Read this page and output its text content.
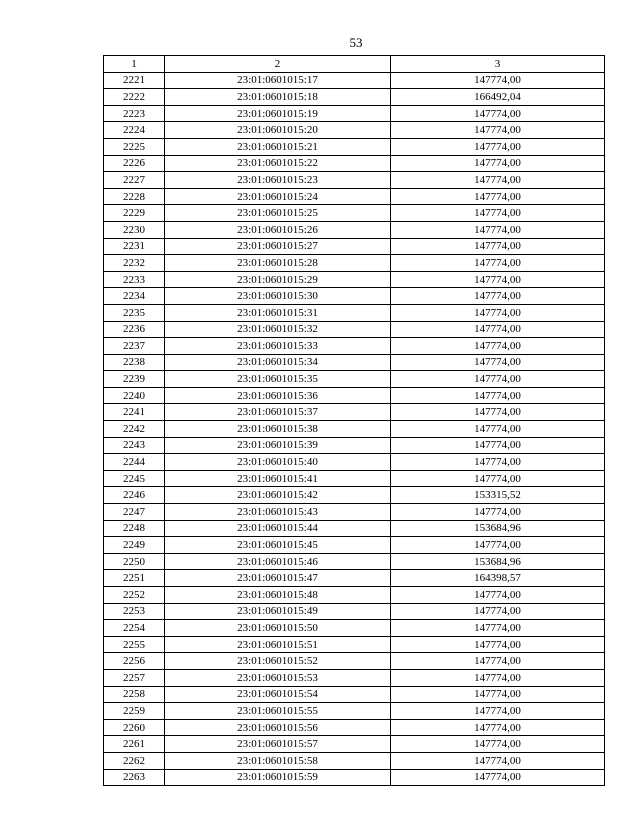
53
1	2	3
2221	23:01:0601015:17	147774,00
2222	23:01:0601015:18	166492,04
2223	23:01:0601015:19	147774,00
2224	23:01:0601015:20	147774,00
2225	23:01:0601015:21	147774,00
2226	23:01:0601015:22	147774,00
2227	23:01:0601015:23	147774,00
2228	23:01:0601015:24	147774,00
2229	23:01:0601015:25	147774,00
2230	23:01:0601015:26	147774,00
2231	23:01:0601015:27	147774,00
2232	23:01:0601015:28	147774,00
2233	23:01:0601015:29	147774,00
2234	23:01:0601015:30	147774,00
2235	23:01:0601015:31	147774,00
2236	23:01:0601015:32	147774,00
2237	23:01:0601015:33	147774,00
2238	23:01:0601015:34	147774,00
2239	23:01:0601015:35	147774,00
2240	23:01:0601015:36	147774,00
2241	23:01:0601015:37	147774,00
2242	23:01:0601015:38	147774,00
2243	23:01:0601015:39	147774,00
2244	23:01:0601015:40	147774,00
2245	23:01:0601015:41	147774,00
2246	23:01:0601015:42	153315,52
2247	23:01:0601015:43	147774,00
2248	23:01:0601015:44	153684,96
2249	23:01:0601015:45	147774,00
2250	23:01:0601015:46	153684,96
2251	23:01:0601015:47	164398,57
2252	23:01:0601015:48	147774,00
2253	23:01:0601015:49	147774,00
2254	23:01:0601015:50	147774,00
2255	23:01:0601015:51	147774,00
2256	23:01:0601015:52	147774,00
2257	23:01:0601015:53	147774,00
2258	23:01:0601015:54	147774,00
2259	23:01:0601015:55	147774,00
2260	23:01:0601015:56	147774,00
2261	23:01:0601015:57	147774,00
2262	23:01:0601015:58	147774,00
2263	23:01:0601015:59	147774,00
